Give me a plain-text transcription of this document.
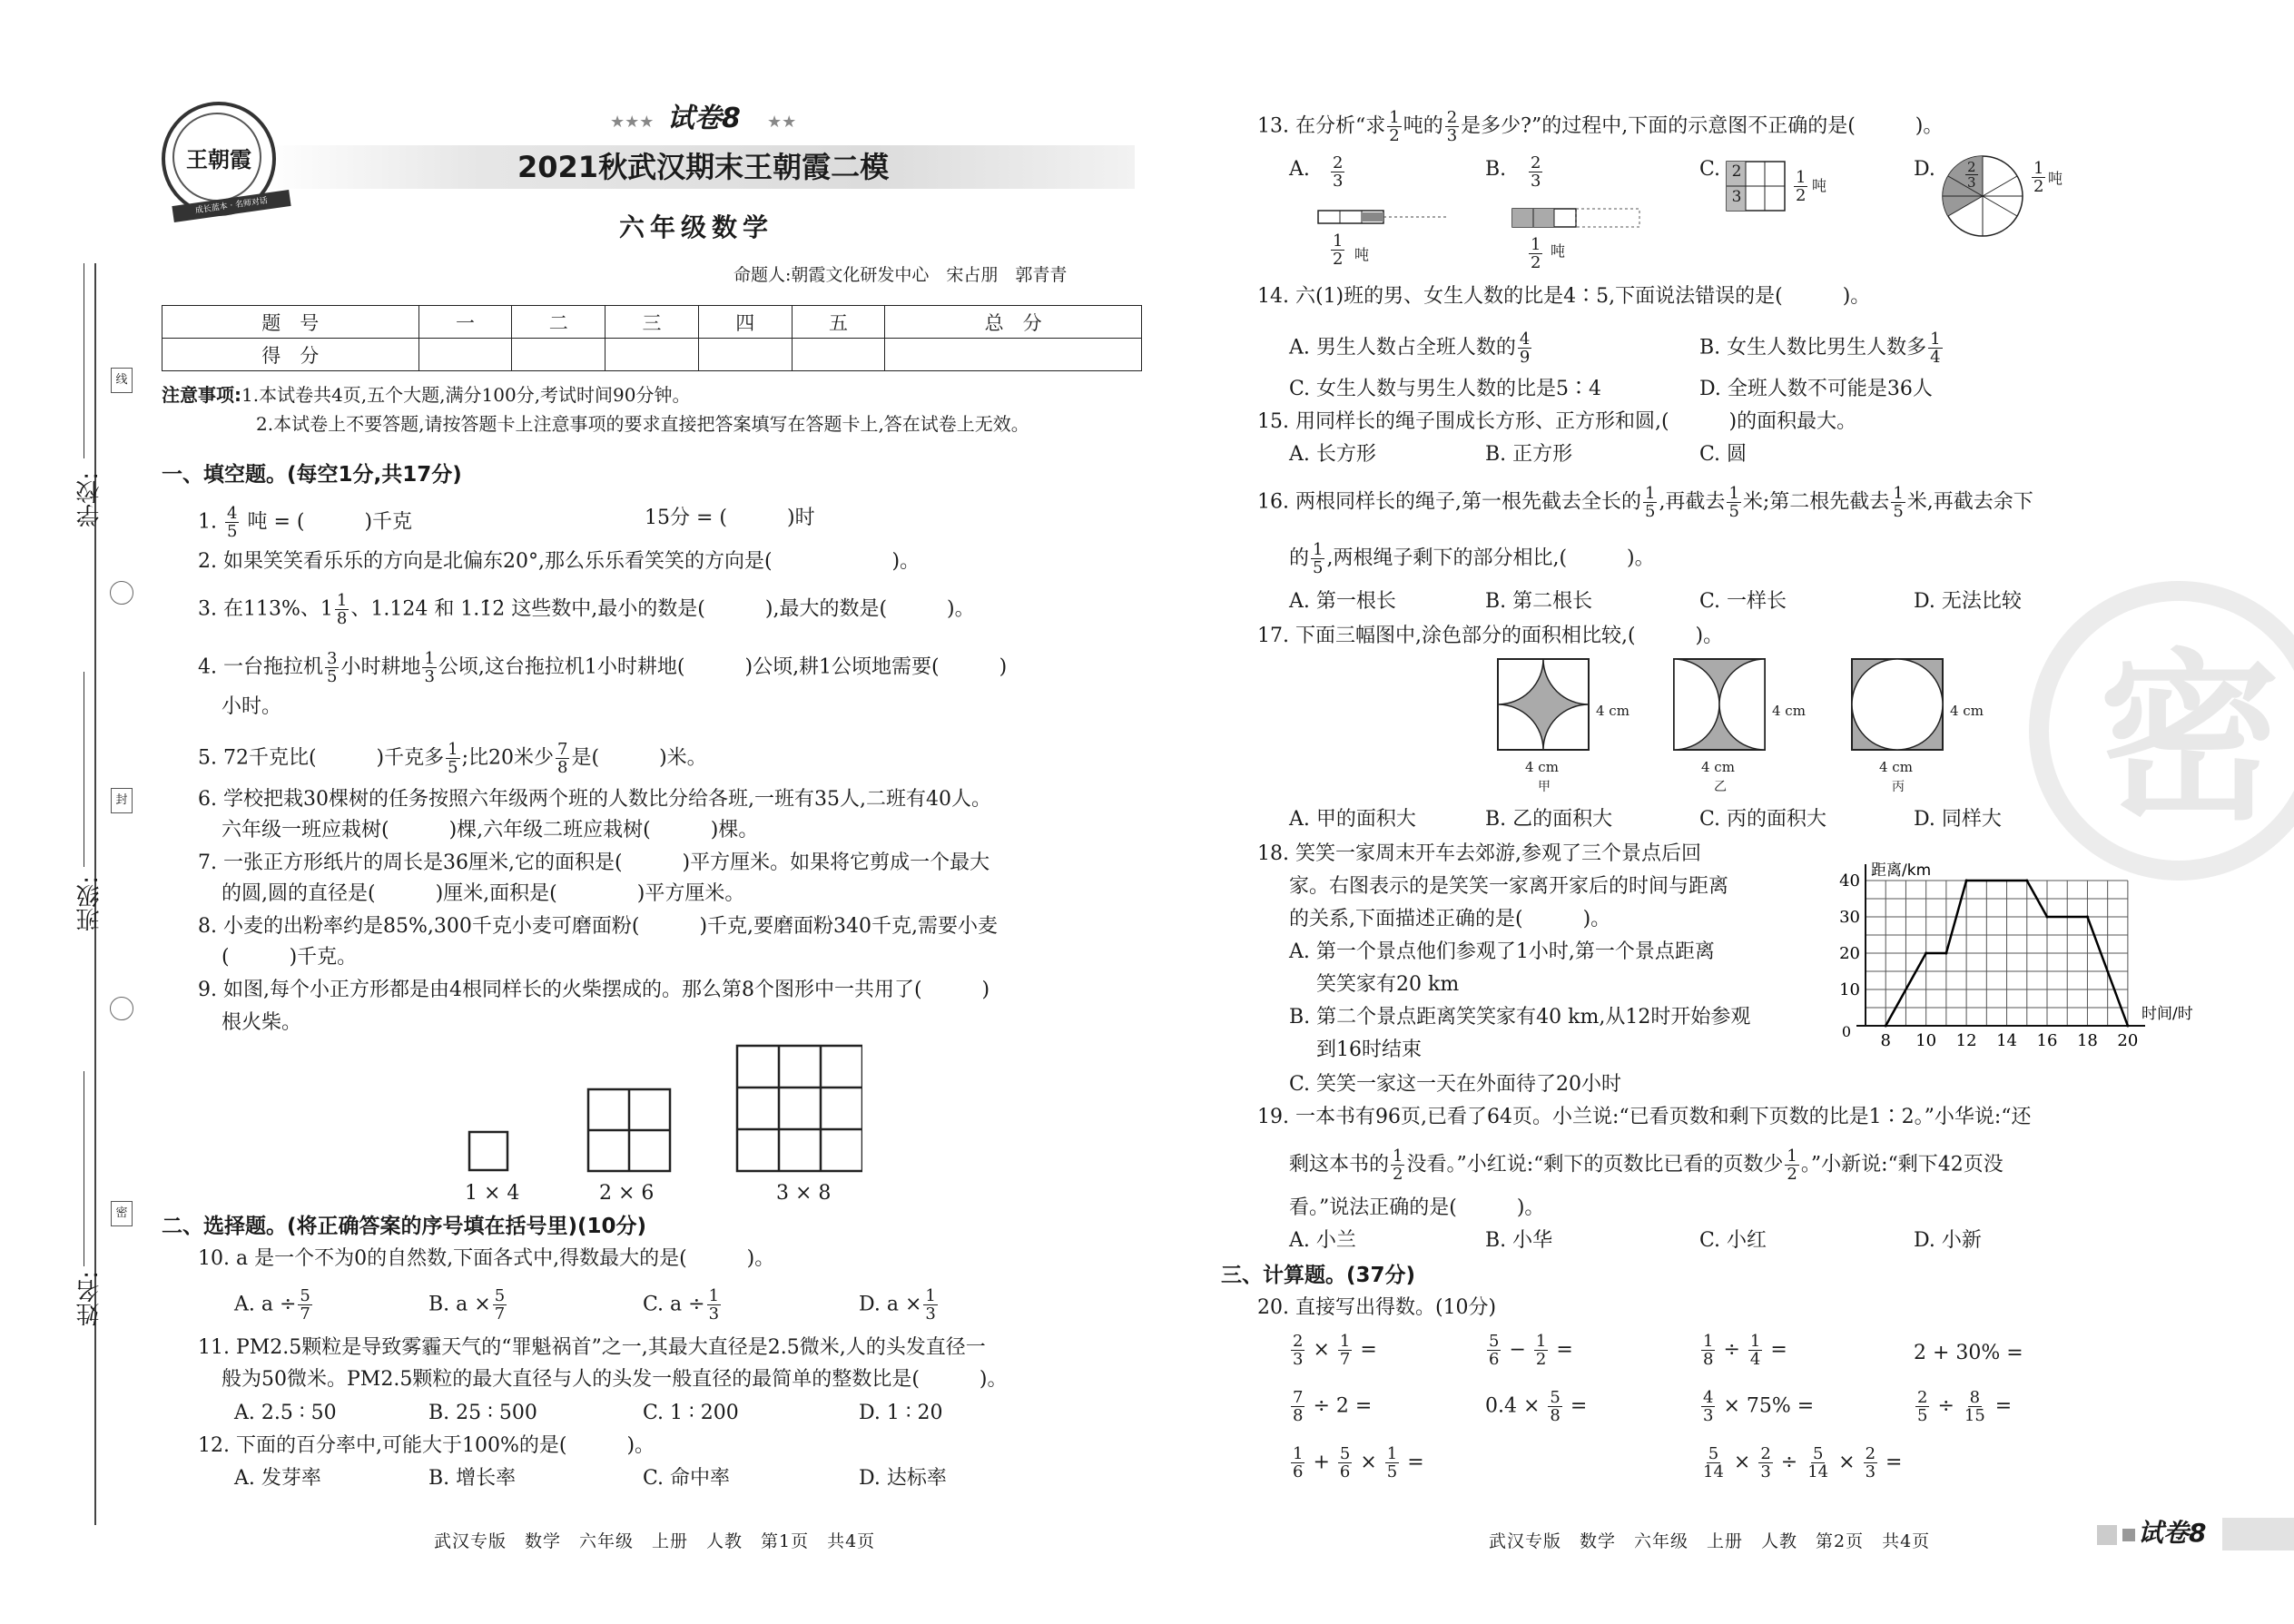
线
封
密
学校:
班级:
姓名:
王朝霞
成长蓝本 · 名师对话
★★★ 试卷8 ★★
2021秋武汉期末王朝霞二模
六年级数学
命题人:朝霞文化研发中心　宋占朋　郭青青
题　号	一	二	三	四	五	总　分
得　分						
注意事项:1.本试卷共4页,五个大题,满分100分,考试时间90分钟。
2.本试卷上不要答题,请按答题卡上注意事项的要求直接把答案填写在答题卡上,答在试卷上无效。
一、填空题。(每空1分,共17分)
1. $\frac{4}{5}$ 吨 = (　　　)千克	15分 = (　　　)时
2. 如果笑笑看乐乐的方向是北偏东20°,那么乐乐看笑笑的方向是(　　　　　　)。
3. 在113%、$1 \frac{1}{8}$ 、1.124 和 1.1̇2̇ 这些数中,最小的数是(　　　),最大的数是(　　　)。
4. 一台拖拉机 $\frac{3}{5}$ 小时耕地 $\frac{1}{3}$ 公顷,这台拖拉机1小时耕地(　　　)公顷,耕1公顷地需要(　　　)
小时。
5. 72千克比(　　　)千克多 $\frac{1}{5}$ ;比20米少 $\frac{7}{8}$ 是(　　　)米。
6. 学校把栽30棵树的任务按照六年级两个班的人数比分给各班,一班有35人,二班有40人。
六年级一班应栽树(　　　)棵,六年级二班应栽树(　　　)棵。
7. 一张正方形纸片的周长是36厘米,它的面积是(　　　)平方厘米。如果将它剪成一个最大
的圆,圆的直径是(　　　)厘米,面积是(　　　　)平方厘米。
8. 小麦的出粉率约是85%,300千克小麦可磨面粉(　　　)千克,要磨面粉340千克,需要小麦
(　　　)千克。
9. 如图,每个小正方形都是由4根同样长的火柴摆成的。那么第8个图形中一共用了(　　　)
根火柴。
1 × 4	2 × 6	3 × 8
二、选择题。(将正确答案的序号填在括号里)(10分)
10. a 是一个不为0的自然数,下面各式中,得数最大的是(　　　)。
A. $a \div \frac{5}{7}$	B. $a \times \frac{5}{7}$	C. $a \div \frac{1}{3}$	D. $a \times \frac{1}{3}$
11. PM2.5颗粒是导致雾霾天气的“罪魁祸首”之一,其最大直径是2.5微米,人的头发直径一
般为50微米。PM2.5颗粒的最大直径与人的头发一般直径的最简单的整数比是(　　　)。
A. 2.5 ∶ 50	B. 25 ∶ 500	C. 1 ∶ 200	D. 1 ∶ 20
12. 下面的百分率中,可能大于100%的是(　　　)。
A. 发芽率	B. 增长率	C. 命中率	D. 达标率
13. 在分析“求 $\frac{1}{2}$ 吨的 $\frac{2}{3}$ 是多少?”的过程中,下面的示意图不正确的是(　　　)。
A. $\frac{2}{3}$
$\frac{1}{2}$ 吨
B. $\frac{2}{3}$
$\frac{1}{2}$ 吨
C. 2
3	$\frac{1}{2}$ 吨
D. $\frac{2}{3}$	$\frac{1}{2}$ 吨
14. 六(1)班的男、女生人数的比是4∶5,下面说法错误的是(　　　)。
A. 男生人数占全班人数的 $\frac{4}{9}$	B. 女生人数比男生人数多 $\frac{1}{4}$
C. 女生人数与男生人数的比是5∶4	D. 全班人数不可能是36人
15. 用同样长的绳子围成长方形、正方形和圆,(　　　)的面积最大。
A. 长方形	B. 正方形	C. 圆
16. 两根同样长的绳子,第一根先截去全长的 $\frac{1}{5}$ ,再截去 $\frac{1}{5}$ 米;第二根先截去 $\frac{1}{5}$ 米,再截去余下
的 $\frac{1}{5}$ ,两根绳子剩下的部分相比,(　　　)。
A. 第一根长	B. 第二根长	C. 一样长	D. 无法比较
17. 下面三幅图中,涂色部分的面积相比较,(　　　)。
4 cm	4 cm	4 cm
4 cm	4 cm	4 cm
甲	乙	丙
A. 甲的面积大	B. 乙的面积大	C. 丙的面积大	D. 同样大
18. 笑笑一家周末开车去郊游,参观了三个景点后回
家。右图表示的是笑笑一家离开家后的时间与距离
的关系,下面描述正确的是(　　　)。
A. 第一个景点他们参观了1小时,第一个景点距离
笑笑家有20 km
B. 第二个景点距离笑笑家有40 km,从12时开始参观
到16时结束
C. 笑笑一家这一天在外面待了20小时
8 10 12 14 16 18 20
10
20
30
40
0
距离/km
时间/时
19. 一本书有96页,已看了64页。小兰说:“已看页数和剩下页数的比是1∶2。”小华说:“还
剩这本书的 $\frac{1}{2}$ 没看。”小红说:“剩下的页数比已看的页数少 $\frac{1}{2}$ 。”小新说:“剩下42页没
看。”说法正确的是(　　　)。
A. 小兰	B. 小华	C. 小红	D. 小新
三、计算题。(37分)
20. 直接写出得数。(10分)
$\frac{2}{3} \times \frac{1}{7}$ =	$\frac{5}{6} - \frac{1}{2}$ =	$\frac{1}{8} \div \frac{1}{4}$ =	2 + 30% =
$\frac{7}{8} \div 2$ =	$0.4 \times \frac{5}{8}$ =	$\frac{4}{3} \times 75\%$ =	$\frac{2}{5} \div \frac{8}{15}$ =
$\frac{1}{6} + \frac{5}{6} \times \frac{1}{5}$ =	$\frac{5}{14} \times \frac{2}{3} \div \frac{5}{14} \times \frac{2}{3}$ =
密
武汉专版　数学　六年级　上册　人教　第1页　共4页	武汉专版　数学　六年级　上册　人教　第2页　共4页	试卷8
